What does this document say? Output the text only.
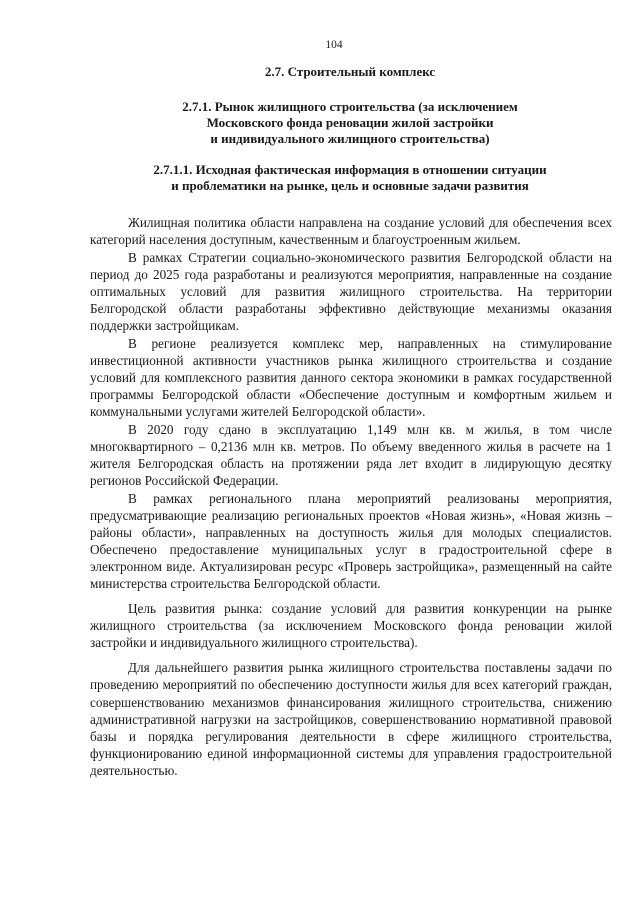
104
2.7. Строительный комплекс
2.7.1. Рынок жилищного строительства (за исключением
Московского фонда реновации жилой застройки
и индивидуального жилищного строительства)
2.7.1.1. Исходная фактическая информация в отношении ситуации
и проблематики на рынке, цель и основные задачи развития

Жилищная политика области направлена на создание условий для обеспечения всех категорий населения доступным, качественным и благоустроенным жильем.

В рамках Стратегии социально-экономического развития Белгородской области на период до 2025 года разработаны и реализуются мероприятия, направленные на создание оптимальных условий для развития жилищного строительства. На территории Белгородской области разработаны эффективно действующие механизмы оказания поддержки застройщикам.

В регионе реализуется комплекс мер, направленных на стимулирование инвестиционной активности участников рынка жилищного строительства и создание условий для комплексного развития данного сектора экономики в рамках государственной программы Белгородской области «Обеспечение доступным и комфортным жильем и коммунальными услугами жителей Белгородской области».

В 2020 году сдано в эксплуатацию 1,149 млн кв. м жилья, в том числе многоквартирного – 0,2136 млн кв. метров. По объему введенного жилья в расчете на 1 жителя Белгородская область на протяжении ряда лет входит в лидирующую десятку регионов Российской Федерации.

В рамках регионального плана мероприятий реализованы мероприятия, предусматривающие реализацию региональных проектов «Новая жизнь», «Новая жизнь – районы области», направленных на доступность жилья для молодых специалистов. Обеспечено предоставление муниципальных услуг в градостроительной сфере в электронном виде. Актуализирован ресурс «Проверь застройщика», размещенный на сайте министерства строительства Белгородской области.

Цель развития рынка: создание условий для развития конкуренции на рынке жилищного строительства (за исключением Московского фонда реновации жилой застройки и индивидуального жилищного строительства).

Для дальнейшего развития рынка жилищного строительства поставлены задачи по проведению мероприятий по обеспечению доступности жилья для всех категорий граждан, совершенствованию механизмов финансирования жилищного строительства, снижению административной нагрузки на застройщиков, совершенствованию нормативной правовой базы и порядка регулирования деятельности в сфере жилищного строительства, функционированию единой информационной системы для управления градостроительной деятельностью.
